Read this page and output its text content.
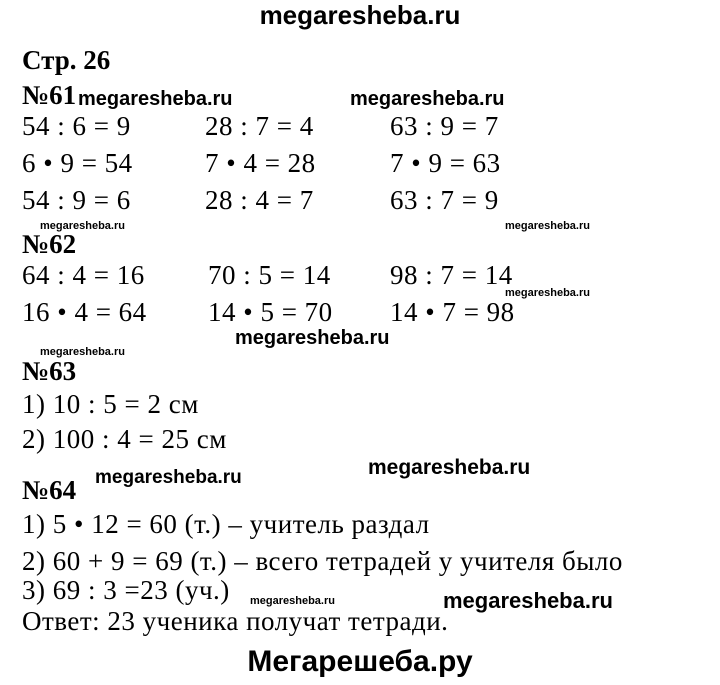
megaresheba.ru
Стр. 26
№61 megaresheba.ru	megaresheba.ru
54 : 6 = 9	28 : 7 = 4	63 : 9 = 7
6 • 9 = 54	7 • 4 = 28	7 • 9 = 63
54 : 9 = 6	28 : 4 = 7	63 : 7 = 9
megaresheba.ru	megaresheba.ru
№62
64 : 4 = 16 70 : 5 = 14 98 : 7 = 14
megaresheba.ru
16 • 4 = 64 14 • 5 = 70 14 • 7 = 98
megaresheba.ru
megaresheba.ru
№63
1) 10 : 5 = 2 см
2) 100 : 4 = 25 см
megaresheba.ru	megaresheba.ru
№64
1) 5 • 12 = 60 (т.) – учитель раздал
2) 60 + 9 = 69 (т.) – всего тетрадей у учителя было
3) 69 : 3 =23 (уч.) megaresheba.ru	megaresheba.ru
Ответ: 23 ученика получат тетради.
Мегарешеба.ру
